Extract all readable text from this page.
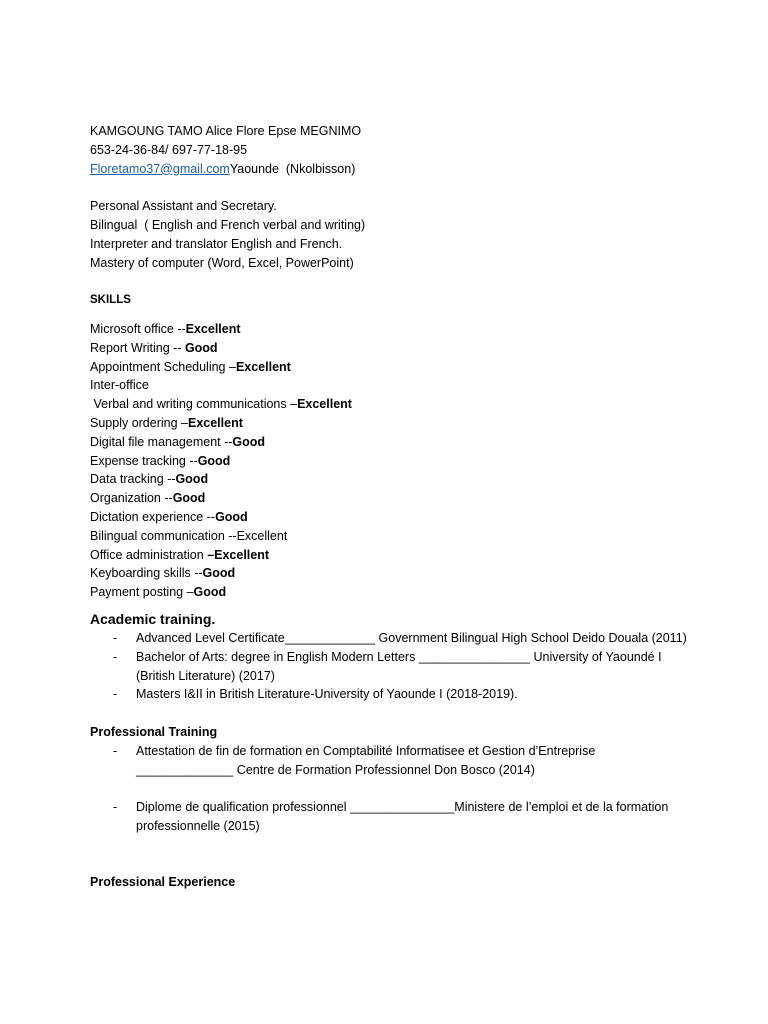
KAMGOUNG TAMO Alice Flore Epse MEGNIMO
653-24-36-84/ 697-77-18-95
Floretamo37@gmail.comYaounde  (Nkolbisson)
Personal Assistant and Secretary.
Bilingual  ( English and French verbal and writing)
Interpreter and translator English and French.
Mastery of computer (Word, Excel, PowerPoint)
SKILLS
Microsoft office --Excellent
Report Writing -- Good
Appointment Scheduling –Excellent
Inter-office
Verbal and writing communications –Excellent
Supply ordering –Excellent
Digital file management --Good
Expense tracking --Good
Data tracking --Good
Organization --Good
Dictation experience --Good
Bilingual communication --Excellent
Office administration –Excellent
Keyboarding skills --Good
Payment posting –Good
Academic training.
- Advanced Level Certificate_____________ Government Bilingual High School Deido Douala (2011)
- Bachelor of Arts: degree in English Modern Letters ________________ University of Yaoundé I (British Literature) (2017)
- Masters I&II in British Literature-University of Yaounde I (2018-2019).
Professional Training
- Attestation de fin de formation en Comptabilité Informatisee et Gestion d’Entreprise ______________ Centre de Formation Professionnel Don Bosco (2014)
- Diplome de qualification professionnel _______________Ministere de l’emploi et de la formation professionnelle (2015)
Professional Experience
